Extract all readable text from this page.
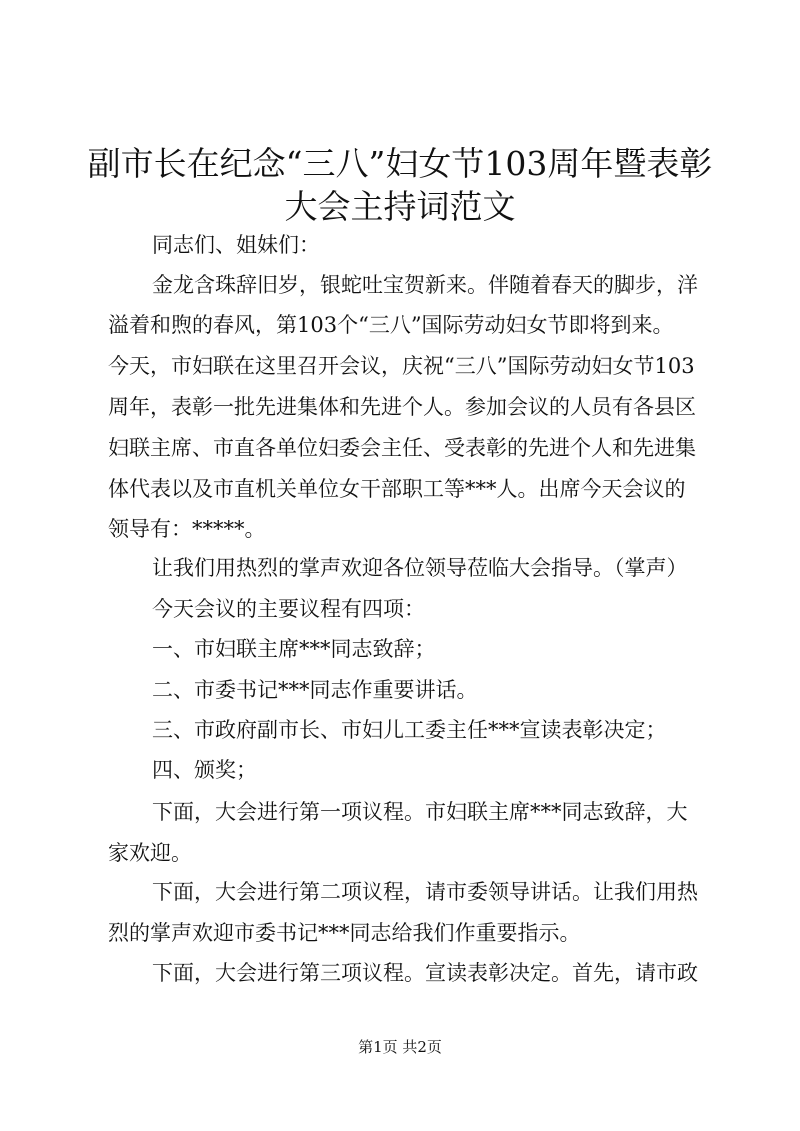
副市长在纪念“三八”妇女节103周年暨表彰
大会主持词范文

同志们、姐妹们：

金龙含珠辞旧岁，银蛇吐宝贺新来。伴随着春天的脚步，洋

溢着和煦的春风，第103个“三八”国际劳动妇女节即将到来。

今天，市妇联在这里召开会议，庆祝“三八”国际劳动妇女节103

周年，表彰一批先进集体和先进个人。参加会议的人员有各县区

妇联主席、市直各单位妇委会主任、受表彰的先进个人和先进集

体代表以及市直机关单位女干部职工等***人。出席今天会议的

领导有：*****。

让我们用热烈的掌声欢迎各位领导莅临大会指导。（掌声）

今天会议的主要议程有四项：

一、市妇联主席***同志致辞；

二、市委书记***同志作重要讲话。

三、市政府副市长、市妇儿工委主任***宣读表彰决定；

四、颁奖；

下面，大会进行第一项议程。市妇联主席***同志致辞，大

家欢迎。

下面，大会进行第二项议程，请市委领导讲话。让我们用热

烈的掌声欢迎市委书记***同志给我们作重要指示。

下面，大会进行第三项议程。宣读表彰决定。首先，请市政

第1页 共2页
